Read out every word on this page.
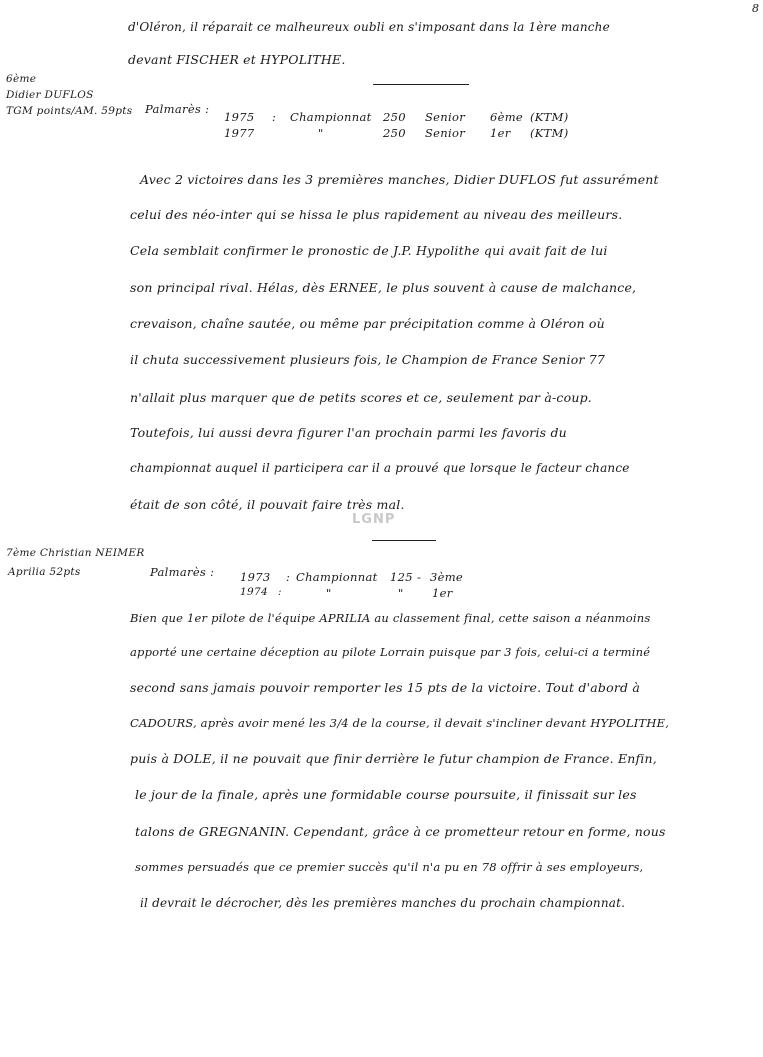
8
d'Oléron, il réparait ce malheureux oubli en s'imposant dans la 1ère manche
devant FISCHER et HYPOLITHE.
6ème
Didier DUFLOS
TGM points/AM. 59pts Palmarès :
1975 : Championnat 250 Senior 6ème (KTM)
1977	"	250 Senior 1er (KTM)
Avec 2 victoires dans les 3 premières manches, Didier DUFLOS fut assurément
celui des néo-inter qui se hissa le plus rapidement au niveau des meilleurs.
Cela semblait confirmer le pronostic de J.P. Hypolithe qui avait fait de lui
son principal rival. Hélas, dès ERNEE, le plus souvent à cause de malchance,
crevaison, chaîne sautée, ou même par précipitation comme à Oléron où
il chuta successivement plusieurs fois, le Champion de France Senior 77
n'allait plus marquer que de petits scores et ce, seulement par à-coup.
Toutefois, lui aussi devra figurer l'an prochain parmi les favoris du
championnat auquel il participera car il a prouvé que lorsque le facteur chance
était de son côté, il pouvait faire très mal.
LGNP
7ème Christian NEIMER
Aprilia 52pts	Palmarès : 1973 : Championnat 125 - 3ème
1974 :	"	" 1er
Bien que 1er pilote de l'équipe APRILIA au classement final, cette saison a néanmoins
apporté une certaine déception au pilote Lorrain puisque par 3 fois, celui-ci a terminé
second sans jamais pouvoir remporter les 15 pts de la victoire. Tout d'abord à
CADOURS, après avoir mené les 3/4 de la course, il devait s'incliner devant HYPOLITHE,
puis à DOLE, il ne pouvait que finir derrière le futur champion de France. Enfin,
le jour de la finale, après une formidable course poursuite, il finissait sur les
talons de GREGNANIN. Cependant, grâce à ce prometteur retour en forme, nous
sommes persuadés que ce premier succès qu'il n'a pu en 78 offrir à ses employeurs,
il devrait le décrocher, dès les premières manches du prochain championnat.
